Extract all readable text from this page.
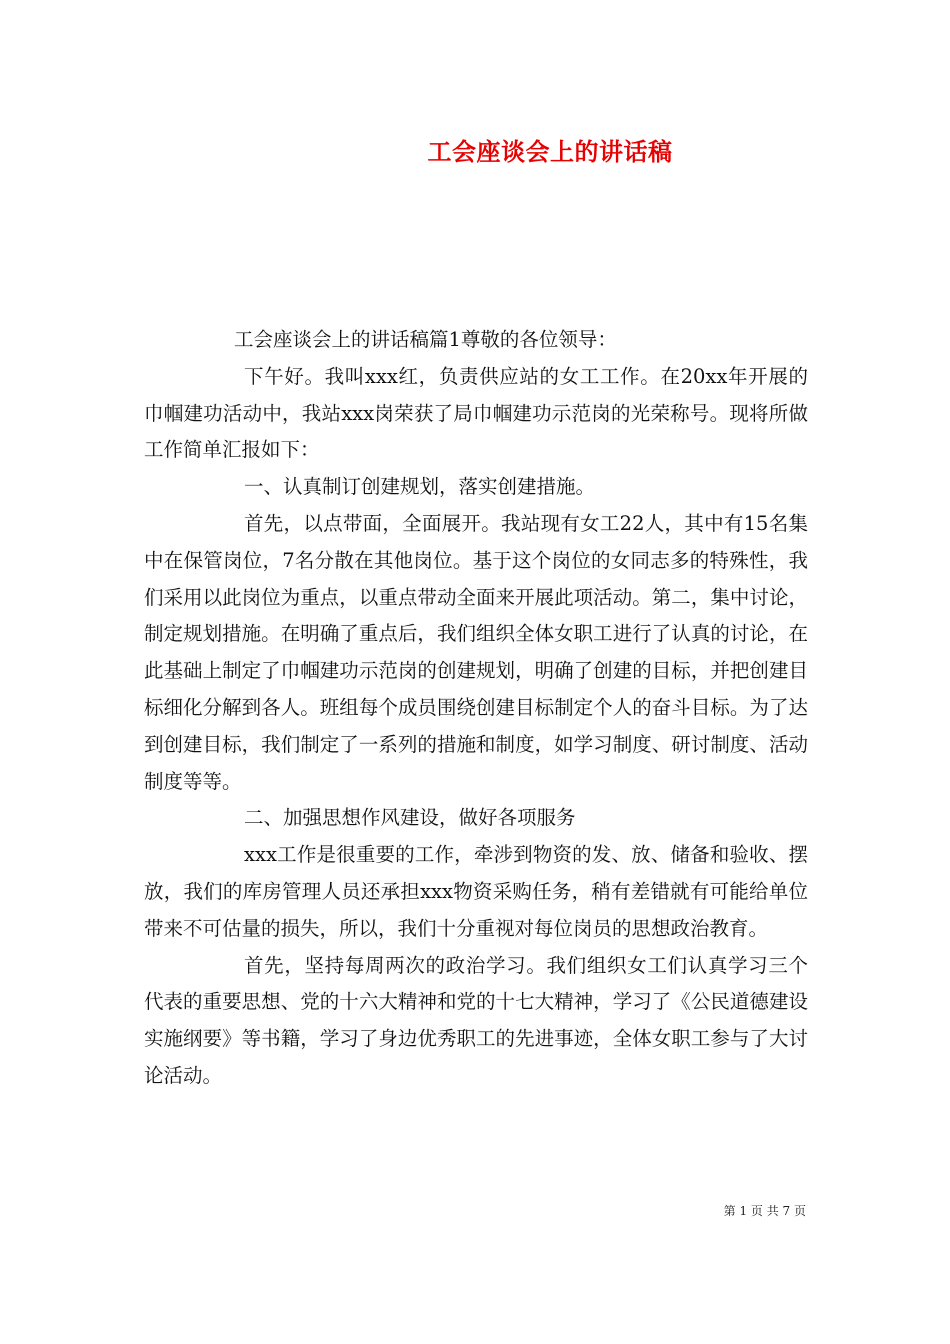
工会座谈会上的讲话稿

工会座谈会上的讲话稿篇1尊敬的各位领导：

下午好。我叫xxx红，负责供应站的女工工作。在20xx年开展的巾帼建功活动中，我站xxx岗荣获了局巾帼建功示范岗的光荣称号。现将所做工作简单汇报如下：

一、认真制订创建规划，落实创建措施。

首先，以点带面，全面展开。我站现有女工22人，其中有15名集中在保管岗位，7名分散在其他岗位。基于这个岗位的女同志多的特殊性，我们采用以此岗位为重点，以重点带动全面来开展此项活动。第二，集中讨论，制定规划措施。在明确了重点后，我们组织全体女职工进行了认真的讨论，在此基础上制定了巾帼建功示范岗的创建规划，明确了创建的目标，并把创建目标细化分解到各人。班组每个成员围绕创建目标制定个人的奋斗目标。为了达到创建目标，我们制定了一系列的措施和制度，如学习制度、研讨制度、活动制度等等。

二、加强思想作风建设，做好各项服务

xxx工作是很重要的工作，牵涉到物资的发、放、储备和验收、摆放，我们的库房管理人员还承担xxx物资采购任务，稍有差错就有可能给单位带来不可估量的损失，所以，我们十分重视对每位岗员的思想政治教育。

首先，坚持每周两次的政治学习。我们组织女工们认真学习三个代表的重要思想、党的十六大精神和党的十七大精神，学习了《公民道德建设实施纲要》等书籍，学习了身边优秀职工的先进事迹，全体女职工参与了大讨论活动。

第 1 页 共 7 页
